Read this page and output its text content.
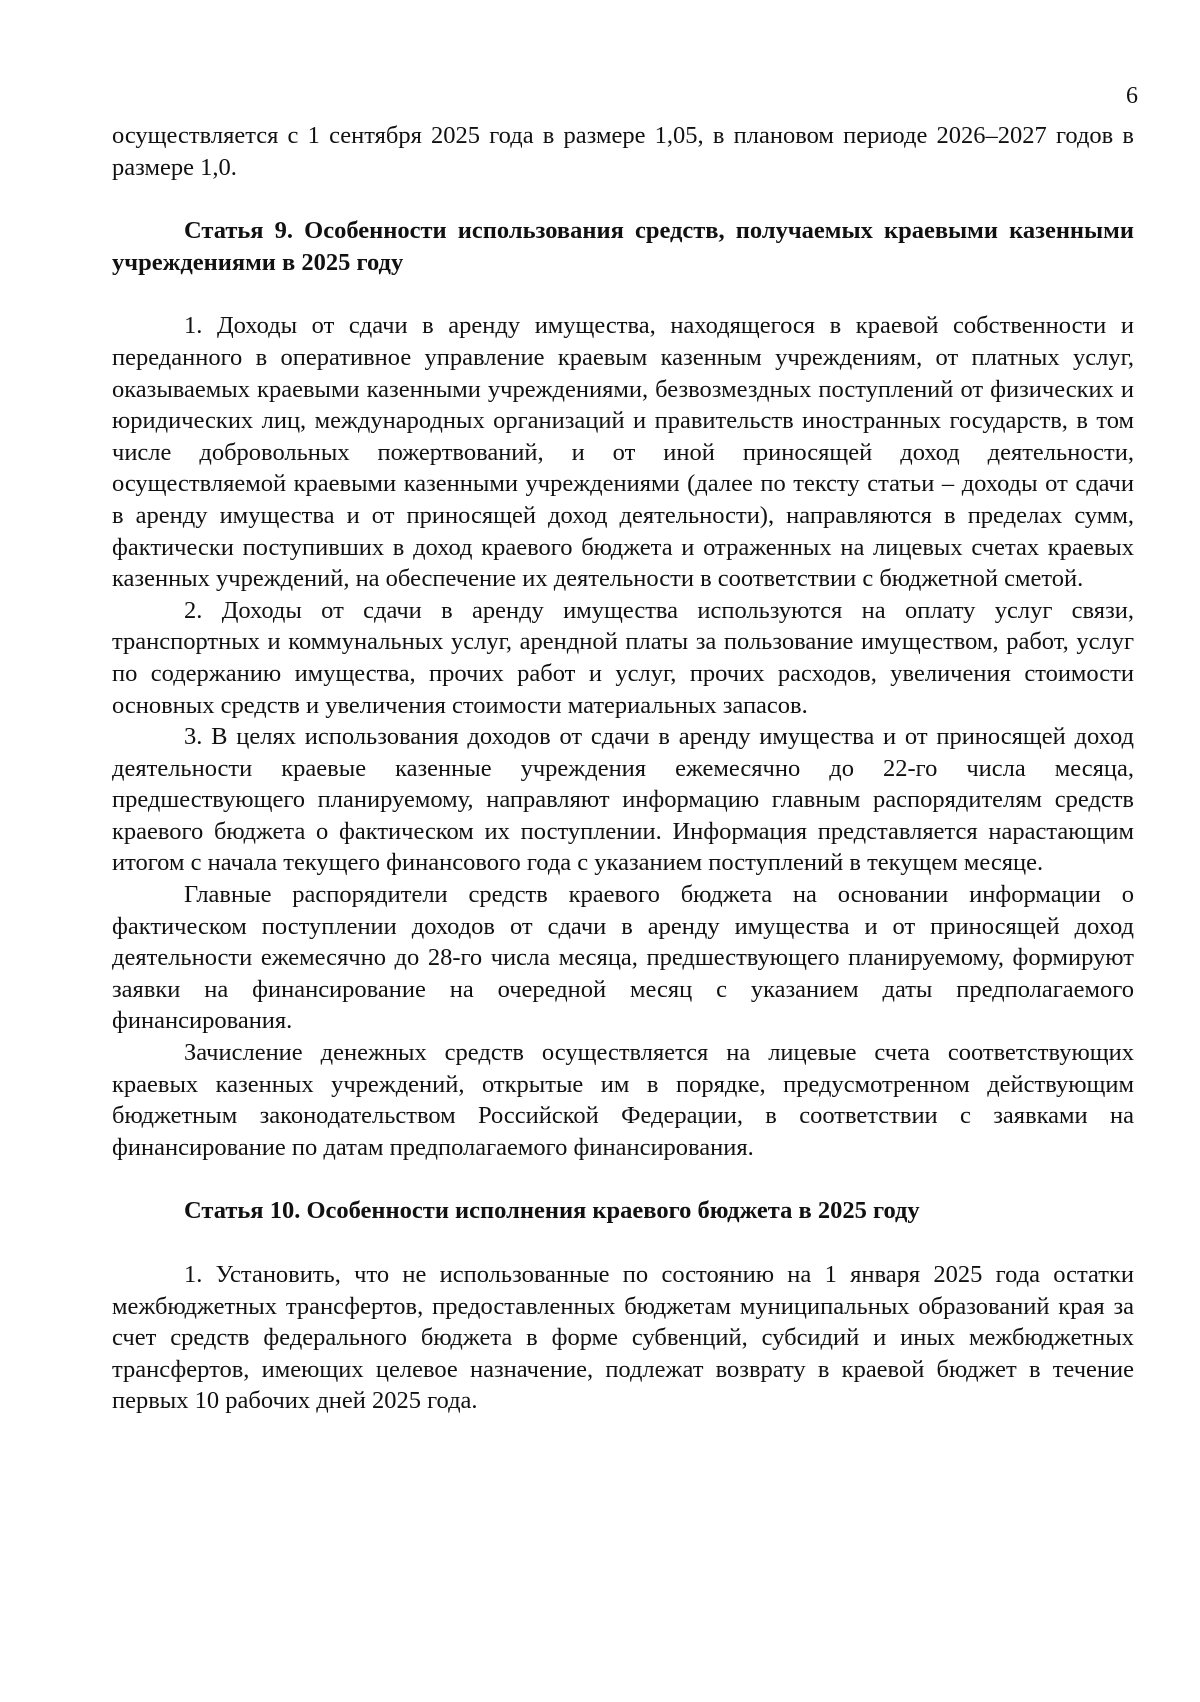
6

осуществляется с 1 сентября 2025 года в размере 1,05, в плановом периоде 2026–2027 годов в размере 1,0.

Статья 9. Особенности использования средств, получаемых краевыми казенными учреждениями в 2025 году

1. Доходы от сдачи в аренду имущества, находящегося в краевой собственности и переданного в оперативное управление краевым казенным учреждениям, от платных услуг, оказываемых краевыми казенными учреждениями, безвозмездных поступлений от физических и юридических лиц, международных организаций и правительств иностранных государств, в том числе добровольных пожертвований, и от иной приносящей доход деятельности, осуществляемой краевыми казенными учреждениями (далее по тексту статьи – доходы от сдачи в аренду имущества и от приносящей доход деятельности), направляются в пределах сумм, фактически поступивших в доход краевого бюджета и отраженных на лицевых счетах краевых казенных учреждений, на обеспечение их деятельности в соответствии с бюджетной сметой.

2. Доходы от сдачи в аренду имущества используются на оплату услуг связи, транспортных и коммунальных услуг, арендной платы за пользование имуществом, работ, услуг по содержанию имущества, прочих работ и услуг, прочих расходов, увеличения стоимости основных средств и увеличения стоимости материальных запасов.

3. В целях использования доходов от сдачи в аренду имущества и от приносящей доход деятельности краевые казенные учреждения ежемесячно до 22-го числа месяца, предшествующего планируемому, направляют информацию главным распорядителям средств краевого бюджета о фактическом их поступлении. Информация представляется нарастающим итогом с начала текущего финансового года с указанием поступлений в текущем месяце.

Главные распорядители средств краевого бюджета на основании информации о фактическом поступлении доходов от сдачи в аренду имущества и от приносящей доход деятельности ежемесячно до 28-го числа месяца, предшествующего планируемому, формируют заявки на финансирование на очередной месяц с указанием даты предполагаемого финансирования.

Зачисление денежных средств осуществляется на лицевые счета соответствующих краевых казенных учреждений, открытые им в порядке, предусмотренном действующим бюджетным законодательством Российской Федерации, в соответствии с заявками на финансирование по датам предполагаемого финансирования.

Статья 10. Особенности исполнения краевого бюджета в 2025 году

1. Установить, что не использованные по состоянию на 1 января 2025 года остатки межбюджетных трансфертов, предоставленных бюджетам муниципальных образований края за счет средств федерального бюджета в форме субвенций, субсидий и иных межбюджетных трансфертов, имеющих целевое назначение, подлежат возврату в краевой бюджет в течение первых 10 рабочих дней 2025 года.
